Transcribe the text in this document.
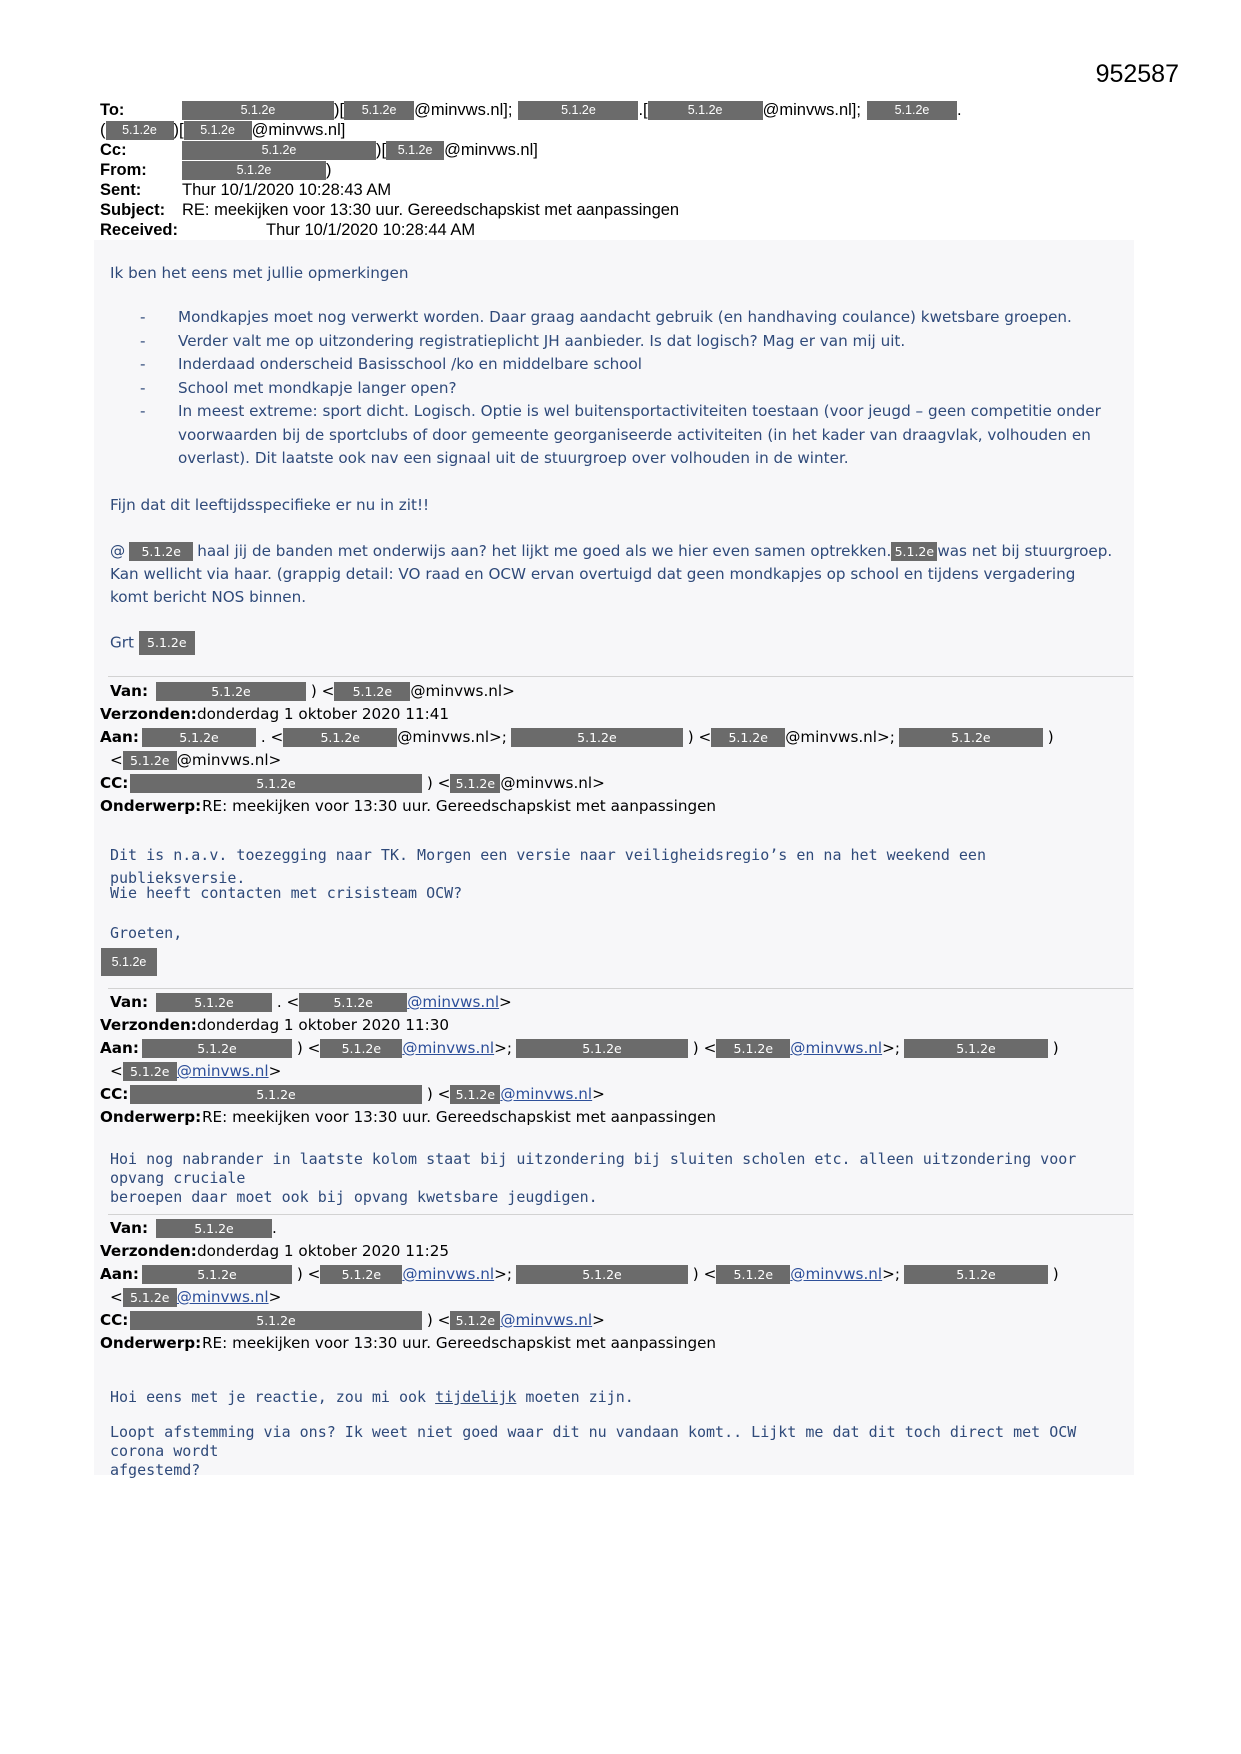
952587
To:	5.1.2e	)[	5.1.2e	@minvws.nl];	5.1.2e	.[	5.1.2e	@minvws.nl];	5.1.2e	.
(	5.1.2e	)[	5.1.2e	@minvws.nl]
Cc:	5.1.2e	)[ 5.1.2e @minvws.nl]
From:	5.1.2e	)
Sent:	Thur 10/1/2020 10:28:43 AM
Subject:	RE: meekijken voor 13:30 uur. Gereedschapskist met aanpassingen
Received:	Thur 10/1/2020 10:28:44 AM
Ik ben het eens met jullie opmerkingen
- Mondkapjes moet nog verwerkt worden. Daar graag aandacht gebruik (en handhaving coulance) kwetsbare groepen.
- Verder valt me op uitzondering registratieplicht JH aanbieder. Is dat logisch? Mag er van mij uit.
- Inderdaad onderscheid Basisschool /ko en middelbare school
- School met mondkapje langer open?
- In meest extreme: sport dicht. Logisch. Optie is wel buitensportactiviteiten toestaan (voor jeugd – geen competitie onder voorwaarden bij de sportclubs of door gemeente georganiseerde activiteiten (in het kader van draagvlak, volhouden en overlast). Dit laatste ook nav een signaal uit de stuurgroep over volhouden in de winter.
Fijn dat dit leeftijdsspecifieke er nu in zit!!
@ 5.1.2e haal jij de banden met onderwijs aan? het lijkt me goed als we hier even samen optrekken. 5.1.2e was net bij stuurgroep.
Kan wellicht via haar. (grappig detail: VO raad en OCW ervan overtuigd dat geen mondkapjes op school en tijdens vergadering
komt bericht NOS binnen.
Grt 5.1.2e
Van:	5.1.2e	) <	5.1.2e	@minvws.nl>
Verzonden: donderdag 1 oktober 2020 11:41
Aan:	5.1.2e	. <	5.1.2e	@minvws.nl>;	5.1.2e	) <	5.1.2e	@minvws.nl>;	5.1.2e	)
< 5.1.2e @minvws.nl>
CC:	5.1.2e	) < 5.1.2e @minvws.nl>
Onderwerp: RE: meekijken voor 13:30 uur. Gereedschapskist met aanpassingen
Dit is n.a.v. toezegging naar TK. Morgen een versie naar veiligheidsregio’s en na het weekend een publieksversie.
Wie heeft contacten met crisisteam OCW?
Groeten,
5.1.2e
Van:	5.1.2e	. <	5.1.2e	@minvws.nl >
Verzonden: donderdag 1 oktober 2020 11:30
Aan:	5.1.2e	) <	5.1.2e	@minvws.nl >;	5.1.2e	) <	5.1.2e	@minvws.nl >;	5.1.2e	)
< 5.1.2e @minvws.nl >
CC:	5.1.2e	) < 5.1.2e @minvws.nl >
Onderwerp: RE: meekijken voor 13:30 uur. Gereedschapskist met aanpassingen
Hoi nog nabrander in laatste kolom staat bij uitzondering bij sluiten scholen etc. alleen uitzondering voor opvang cruciale
beroepen daar moet ook bij opvang kwetsbare jeugdigen.
Van:	5.1.2e	.
Verzonden: donderdag 1 oktober 2020 11:25
Aan:	5.1.2e	) <	5.1.2e	@minvws.nl >;	5.1.2e	) <	5.1.2e	@minvws.nl >;	5.1.2e	)
< 5.1.2e @minvws.nl >
CC:	5.1.2e	) < 5.1.2e @minvws.nl >
Onderwerp: RE: meekijken voor 13:30 uur. Gereedschapskist met aanpassingen
Hoi eens met je reactie, zou mi ook tijdelijk moeten zijn.
Loopt afstemming via ons? Ik weet niet goed waar dit nu vandaan komt.. Lijkt me dat dit toch direct met OCW corona wordt
afgestemd?
